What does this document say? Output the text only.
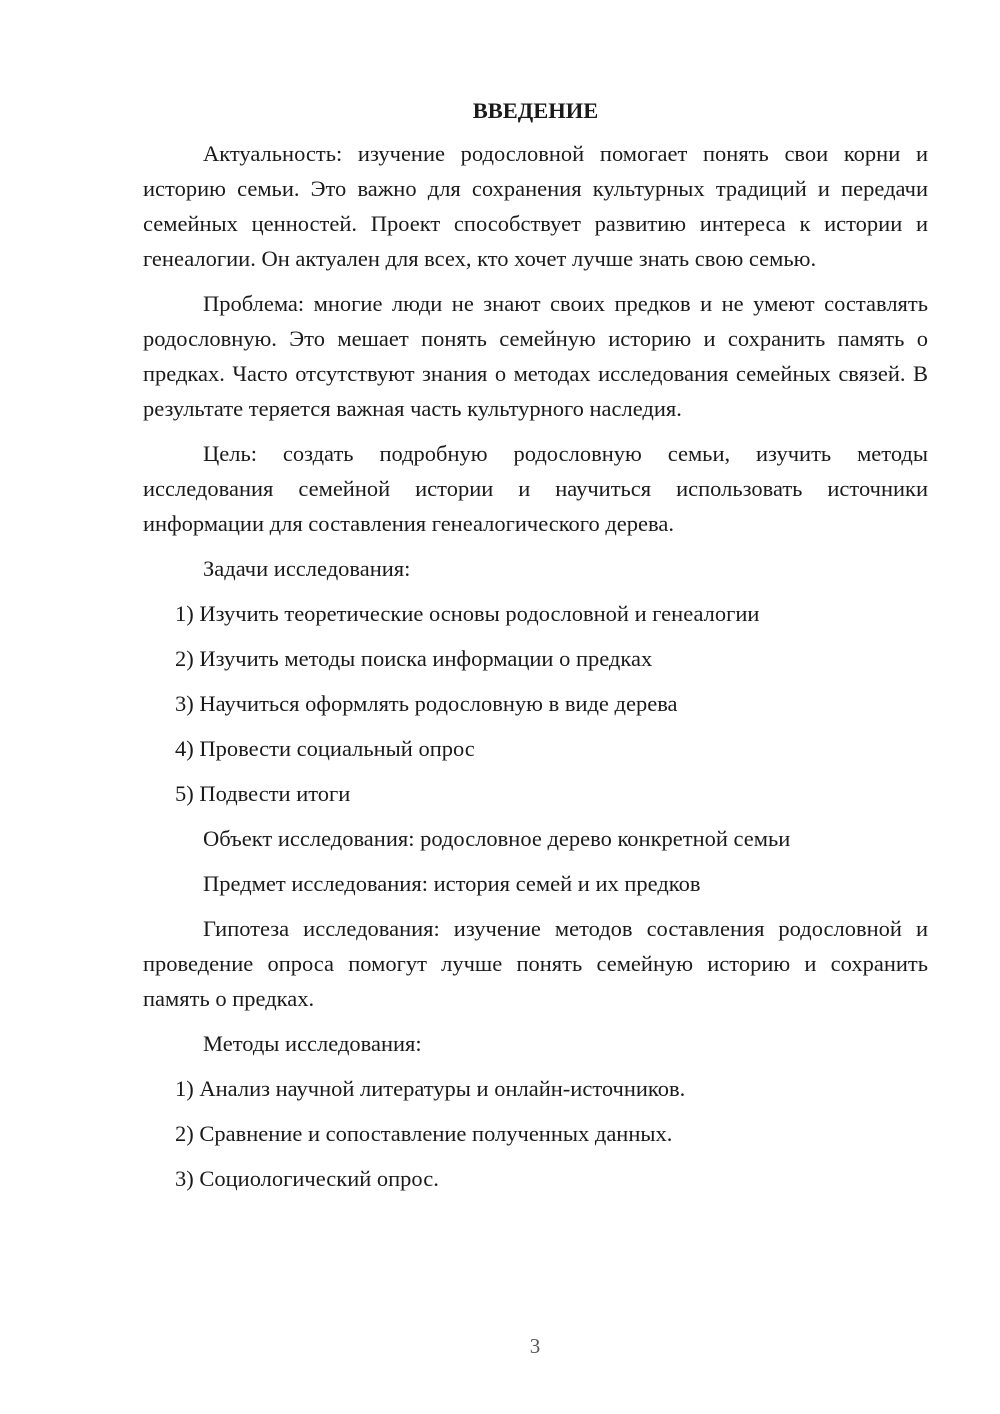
ВВЕДЕНИЕ

Актуальность: изучение родословной помогает понять свои корни и историю семьи. Это важно для сохранения культурных традиций и передачи семейных ценностей. Проект способствует развитию интереса к истории и генеалогии. Он актуален для всех, кто хочет лучше знать свою семью.

Проблема: многие люди не знают своих предков и не умеют составлять родословную. Это мешает понять семейную историю и сохранить память о предках. Часто отсутствуют знания о методах исследования семейных связей. В результате теряется важная часть культурного наследия.

Цель: создать подробную родословную семьи, изучить методы исследования семейной истории и научиться использовать источники информации для составления генеалогического дерева.

Задачи исследования:

1) Изучить теоретические основы родословной и генеалогии

2) Изучить методы поиска информации о предках

3) Научиться оформлять родословную в виде дерева

4) Провести социальный опрос

5) Подвести итоги

Объект исследования: родословное дерево конкретной семьи

Предмет исследования: история семей и их предков

Гипотеза исследования: изучение методов составления родословной и проведение опроса помогут лучше понять семейную историю и сохранить память о предках.

Методы исследования:

1) Анализ научной литературы и онлайн-источников.

2) Сравнение и сопоставление полученных данных.

3) Социологический опрос.

3
